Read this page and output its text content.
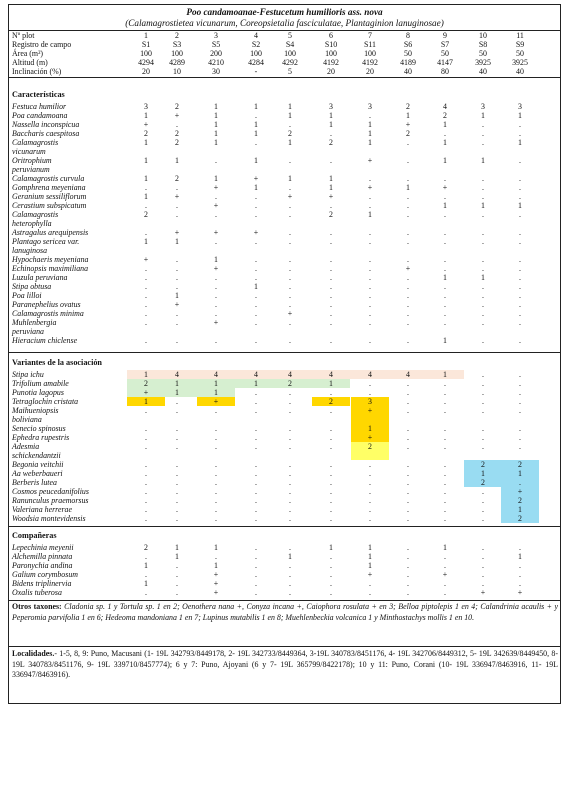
Poo candamoanae-Festucetum humilioris ass. nova
(Calamagrostietea vicunarum, Coreopsietalia fasciculatae, Plantaginion lanuginosae)
Nº plot	1	2	3	4	5	6	7	8	9	10	11
Registro de campo	S1	S3	S5	S2	S4	S10	S11	S6	S7	S8	S9
Área (m²)	100	100	200	100	100	100	100	50	50	50	50
Altitud (m)	4294	4289	4210	4284	4292	4192	4192	4189	4147	3925	3925
Inclinación (%)	20	10	30	-	5	20	20	40	80	40	40
Características
Festuca humilior	3	2	1	1	1	3	3	2	4	3	3
Poa candamoana	1	+	1	.	1	1	.	1	2	1	1
Nassella inconspicua	+	.	1	1	.	1	1	+	1	.	.
Baccharis caespitosa	2	2	1	1	2	.	1	2	.	.	.
Calamagrostis	1	2	1	.	1	2	1	.	1	.	1
vicunarum
Oritrophium	1	1	.	1	.	.	+	.	1	1	.
peruvianum
Calamagrostis curvula	1	2	1	+	1	1	.	.	.	.	.
Gomphrena meyeniana	.	.	+	1	.	1	+	1	+	.	.
Geranium sessiliflorum	1	+	.	.	+	+	.	.	.	.	.
Cerastium subspicatum	.	.	+	.	.	.	.	.	1	1	1
Calamagrostis	2	.	.	.	.	2	1	.	.	.	.
heterophylla
Astragalus arequipensis	.	+	+	+	.	.	.	.	.	.	.
Plantago sericea var.	1	1	.	.	.	.	.	.	.	.	.
lanuginosa
Hypochaeris meyeniana	+	.	1	.	.	.	.	.	.	.	.
Echinopsis maximiliana	.	.	+	.	.	.	.	+	.	.	.
Luzula peruviana	.	.	.	.	.	.	.	.	1	1	.
Stipa obtusa	.	.	.	1	.	.	.	.	.	.	.
Poa lilloi	.	1	.	.	.	.	.	.	.	.	.
Paranephelius ovatus	.	+	.	.	.	.	.	.	.	.	.
Calamagrostis minima	.	.	.	.	+	.	.	.	.	.	.
Muhlenbergia	.	.	+	.	.	.	.	.	.	.	.
peruviana
Hieracium chiclense	.	.	.	.	.	.	.	.	1	.	.
Variantes de la asociación
Stipa ichu	1	4	4	4	4	4	4	4	1	.	.
Trifolium amabile	2	1	1	1	2	1	.	.	.	.	.
Punotia lagopus	+	1	1	.	.	.	.	.	.	.	.
Tetraglochin cristata	1	.	+	.	.	2	3	.	.	.	.
Maihueniopsis	.	.	.	.	.	.	+	.	.	.	.
boliviana
Senecio spinosus	.	.	.	.	.	.	1	.	.	.	.
Ephedra rupestris	.	.	.	.	.	.	+	.	.	.	.
Adesmia	.	.	.	.	.	.	2	.	.	.	.
schickendantzii
Begonia veitchii	.	.	.	.	.	.	.	.	.	2	2
Aa weberbaueri	.	.	.	.	.	.	.	.	.	1	1
Berberis lutea	.	.	.	.	.	.	.	.	.	2	.
Cosmos peucedanifolius	.	.	.	.	.	.	.	.	.	.	+
Ranunculus praemorsus	.	.	.	.	.	.	.	.	.	.	2
Valeriana herrerae	.	.	.	.	.	.	.	.	.	.	1
Woodsia montevidensis	.	.	.	.	.	.	.	.	.	.	2
Compañeras
Lepechinia meyenii	2	1	1	.	.	1	1	.	1	.	.
Alchemilla pinnata	.	1	.	.	1	.	1	.	.	.	1
Paronychia andina	1	.	1	.	.	.	1	.	.	.	.
Galium corymbosum	.	.	+	.	.	.	+	.	+	.	.
Bidens triplinervia	1	.	+	.	.	.	.	.	.	.	.
Oxalis tuberosa	.	.	+	.	.	.	.	.	.	+	+
Otros taxones: Cladonia sp. 1 y Tortula sp. 1 en 2; Oenothera nana +, Conyza incana +, Caiophora rosulata + en 3; Belloa piptolepis 1 en 4; Calandrinia acaulis + y Peperomia parvifolia 1 en 6; Hedeoma mandoniana 1 en 7; Lupinus mutabilis 1 en 8; Muehlenbeckia volcanica 1 y Minthostachys mollis 1 en 10.
Localidades.- 1-5, 8, 9: Puno, Macusani (1- 19L 342793/8449178, 2- 19L 342733/8449364, 3-19L 340783/8451176, 4- 19L 342706/8449312, 5- 19L 342639/8449450, 8- 19L 340783/8451176, 9- 19L 339710/8457774); 6 y 7: Puno, Ajoyani (6 y 7- 19L 365799/8422178); 10 y 11: Puno, Corani (10- 19L 336947/8463916, 11- 19L 336947/8463916).
